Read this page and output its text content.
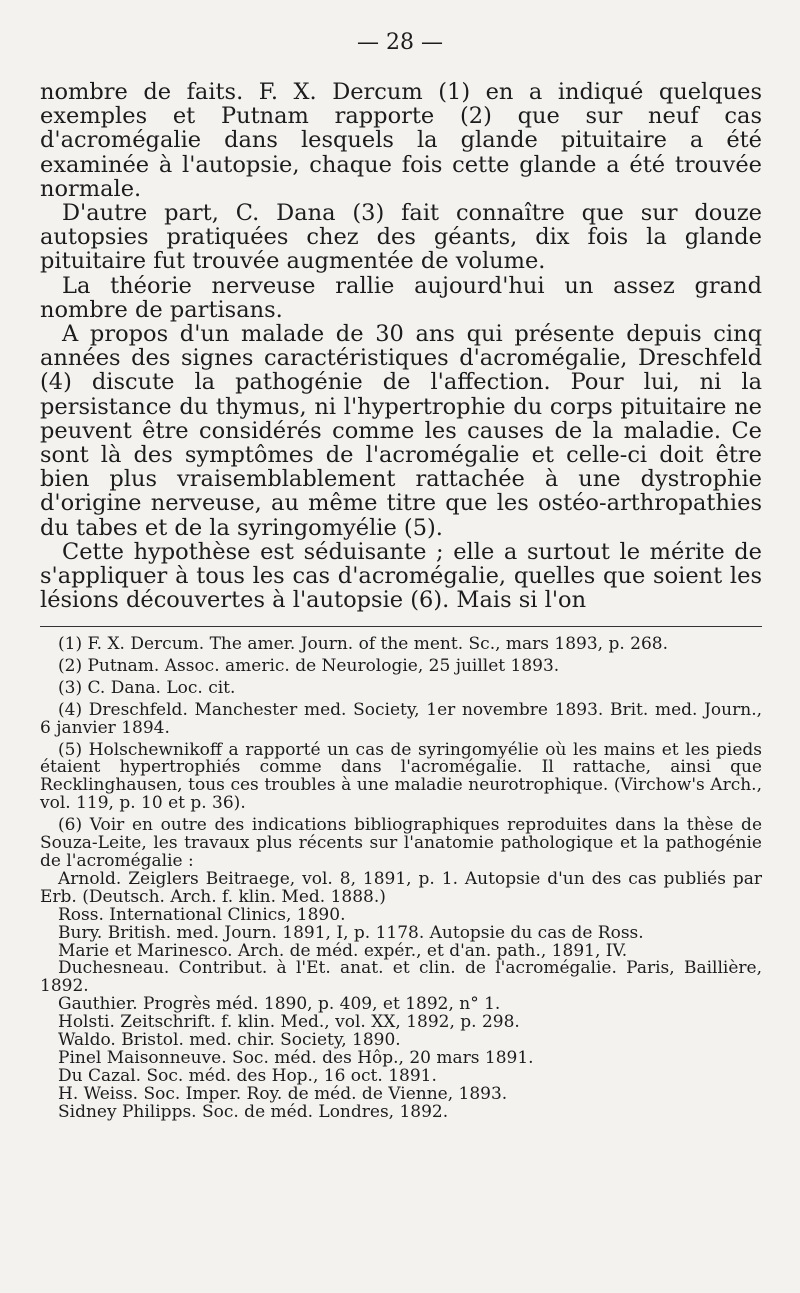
— 28 —

nombre de faits. F. X. Dercum (1) en a indiqué quelques exemples et Putnam rapporte (2) que sur neuf cas d'acromégalie dans lesquels la glande pituitaire a été examinée à l'autopsie, chaque fois cette glande a été trouvée normale.

D'autre part, C. Dana (3) fait connaître que sur douze autopsies pratiquées chez des géants, dix fois la glande pituitaire fut trouvée augmentée de volume.

La théorie nerveuse rallie aujourd'hui un assez grand nombre de partisans.

A propos d'un malade de 30 ans qui présente depuis cinq années des signes caractéristiques d'acromégalie, Dreschfeld (4) discute la pathogénie de l'affection. Pour lui, ni la persistance du thymus, ni l'hypertrophie du corps pituitaire ne peuvent être considérés comme les causes de la maladie. Ce sont là des symptômes de l'acromégalie et celle-ci doit être bien plus vraisemblablement rattachée à une dystrophie d'origine nerveuse, au même titre que les ostéo-arthropathies du tabes et de la syringomyélie (5).

Cette hypothèse est séduisante ; elle a surtout le mérite de s'appliquer à tous les cas d'acromégalie, quelles que soient les lésions découvertes à l'autopsie (6). Mais si l'on

(1) F. X. Dercum. The amer. Journ. of the ment. Sc., mars 1893, p. 268.

(2) Putnam. Assoc. americ. de Neurologie, 25 juillet 1893.

(3) C. Dana. Loc. cit.

(4) Dreschfeld. Manchester med. Society, 1er novembre 1893. Brit. med. Journ., 6 janvier 1894.

(5) Holschewnikoff a rapporté un cas de syringomyélie où les mains et les pieds étaient hypertrophiés comme dans l'acromégalie. Il rattache, ainsi que Recklinghausen, tous ces troubles à une maladie neurotrophique. (Virchow's Arch., vol. 119, p. 10 et p. 36).

(6) Voir en outre des indications bibliographiques reproduites dans la thèse de Souza-Leite, les travaux plus récents sur l'anatomie pathologique et la pathogénie de l'acromégalie :

Arnold. Zeiglers Beitraege, vol. 8, 1891, p. 1. Autopsie d'un des cas publiés par Erb. (Deutsch. Arch. f. klin. Med. 1888.)

Ross. International Clinics, 1890.

Bury. British. med. Journ. 1891, I, p. 1178. Autopsie du cas de Ross.

Marie et Marinesco. Arch. de méd. expér., et d'an. path., 1891, IV.

Duchesneau. Contribut. à l'Et. anat. et clin. de l'acromégalie. Paris, Baillière, 1892.

Gauthier. Progrès méd. 1890, p. 409, et 1892, n° 1.

Holsti. Zeitschrift. f. klin. Med., vol. XX, 1892, p. 298.

Waldo. Bristol. med. chir. Society, 1890.

Pinel Maisonneuve. Soc. méd. des Hôp., 20 mars 1891.

Du Cazal. Soc. méd. des Hop., 16 oct. 1891.

H. Weiss. Soc. Imper. Roy. de méd. de Vienne, 1893.

Sidney Philipps. Soc. de méd. Londres, 1892.
